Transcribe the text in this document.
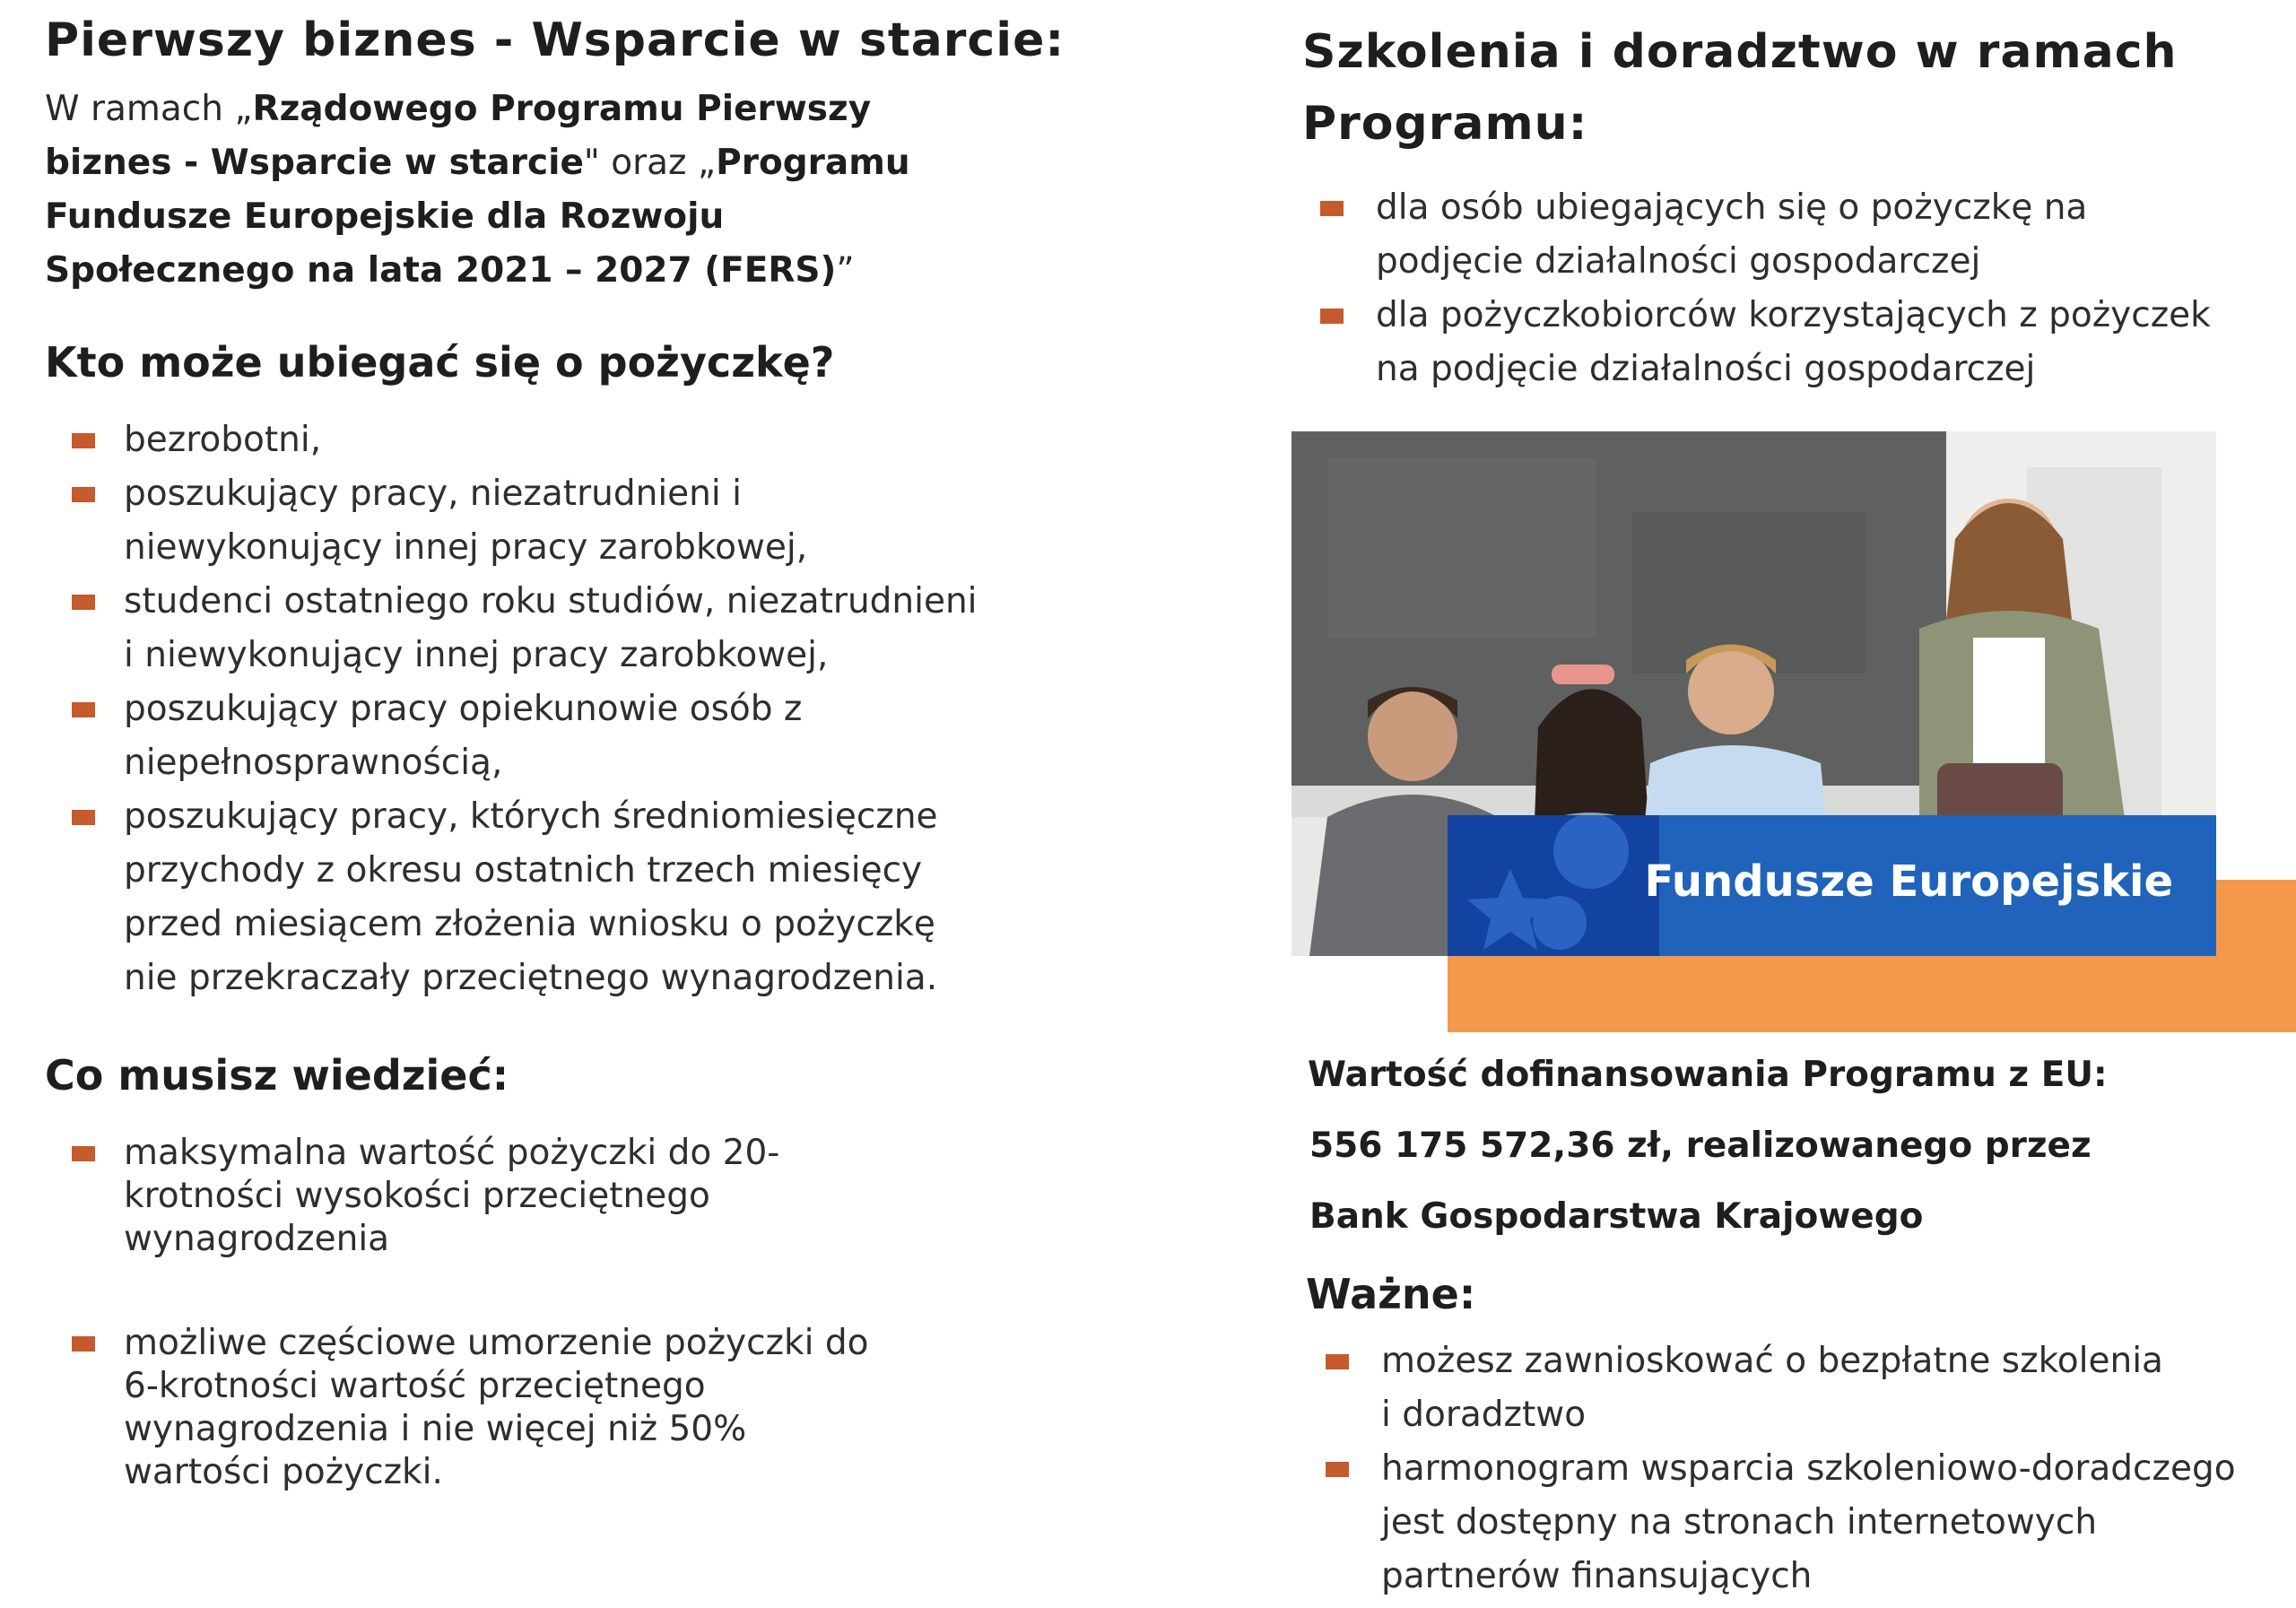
Pierwszy biznes - Wsparcie w starcie:
W ramach „Rządowego Programu Pierwszy biznes - Wsparcie w starcie" oraz „Programu Fundusze Europejskie dla Rozwoju Społecznego na lata 2021 – 2027 (FERS)”
Kto może ubiegać się o pożyczkę?
bezrobotni,
poszukujący pracy, niezatrudnieni i niewykonujący innej pracy zarobkowej,
studenci ostatniego roku studiów, niezatrudnieni i niewykonujący innej pracy zarobkowej,
poszukujący pracy opiekunowie osób z niepełnosprawnością,
poszukujący pracy, których średniomiesięczne przychody z okresu ostatnich trzech miesięcy przed miesiącem złożenia wniosku o pożyczkę nie przekraczały przeciętnego wynagrodzenia.
Co musisz wiedzieć:
maksymalna wartość pożyczki do 20-krotności wysokości przeciętnego wynagrodzenia
możliwe częściowe umorzenie pożyczki do 6-krotności wartość przeciętnego wynagrodzenia i nie więcej niż 50% wartości pożyczki.
Szkolenia i doradztwo w ramach Programu:
dla osób ubiegających się o pożyczkę na podjęcie działalności gospodarczej
dla pożyczkobiorców korzystających z pożyczek na podjęcie działalności gospodarczej
Fundusze Europejskie
Wartość dofinansowania Programu z EU:
556 175 572,36 zł, realizowanego przez
Bank Gospodarstwa Krajowego
Ważne:
możesz zawnioskować o bezpłatne szkolenia i doradztwo
harmonogram wsparcia szkoleniowo-doradczego jest dostępny na stronach internetowych partnerów finansujących
